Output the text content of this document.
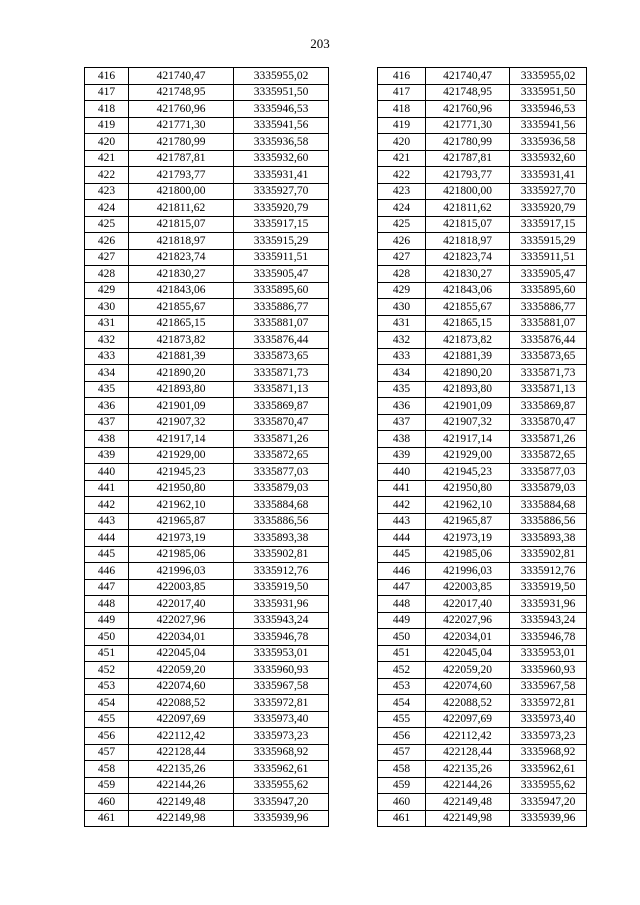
203
416	421740,47	3335955,02
417	421748,95	3335951,50
418	421760,96	3335946,53
419	421771,30	3335941,56
420	421780,99	3335936,58
421	421787,81	3335932,60
422	421793,77	3335931,41
423	421800,00	3335927,70
424	421811,62	3335920,79
425	421815,07	3335917,15
426	421818,97	3335915,29
427	421823,74	3335911,51
428	421830,27	3335905,47
429	421843,06	3335895,60
430	421855,67	3335886,77
431	421865,15	3335881,07
432	421873,82	3335876,44
433	421881,39	3335873,65
434	421890,20	3335871,73
435	421893,80	3335871,13
436	421901,09	3335869,87
437	421907,32	3335870,47
438	421917,14	3335871,26
439	421929,00	3335872,65
440	421945,23	3335877,03
441	421950,80	3335879,03
442	421962,10	3335884,68
443	421965,87	3335886,56
444	421973,19	3335893,38
445	421985,06	3335902,81
446	421996,03	3335912,76
447	422003,85	3335919,50
448	422017,40	3335931,96
449	422027,96	3335943,24
450	422034,01	3335946,78
451	422045,04	3335953,01
452	422059,20	3335960,93
453	422074,60	3335967,58
454	422088,52	3335972,81
455	422097,69	3335973,40
456	422112,42	3335973,23
457	422128,44	3335968,92
458	422135,26	3335962,61
459	422144,26	3335955,62
460	422149,48	3335947,20
461	422149,98	3335939,96
416	421740,47	3335955,02
417	421748,95	3335951,50
418	421760,96	3335946,53
419	421771,30	3335941,56
420	421780,99	3335936,58
421	421787,81	3335932,60
422	421793,77	3335931,41
423	421800,00	3335927,70
424	421811,62	3335920,79
425	421815,07	3335917,15
426	421818,97	3335915,29
427	421823,74	3335911,51
428	421830,27	3335905,47
429	421843,06	3335895,60
430	421855,67	3335886,77
431	421865,15	3335881,07
432	421873,82	3335876,44
433	421881,39	3335873,65
434	421890,20	3335871,73
435	421893,80	3335871,13
436	421901,09	3335869,87
437	421907,32	3335870,47
438	421917,14	3335871,26
439	421929,00	3335872,65
440	421945,23	3335877,03
441	421950,80	3335879,03
442	421962,10	3335884,68
443	421965,87	3335886,56
444	421973,19	3335893,38
445	421985,06	3335902,81
446	421996,03	3335912,76
447	422003,85	3335919,50
448	422017,40	3335931,96
449	422027,96	3335943,24
450	422034,01	3335946,78
451	422045,04	3335953,01
452	422059,20	3335960,93
453	422074,60	3335967,58
454	422088,52	3335972,81
455	422097,69	3335973,40
456	422112,42	3335973,23
457	422128,44	3335968,92
458	422135,26	3335962,61
459	422144,26	3335955,62
460	422149,48	3335947,20
461	422149,98	3335939,96
